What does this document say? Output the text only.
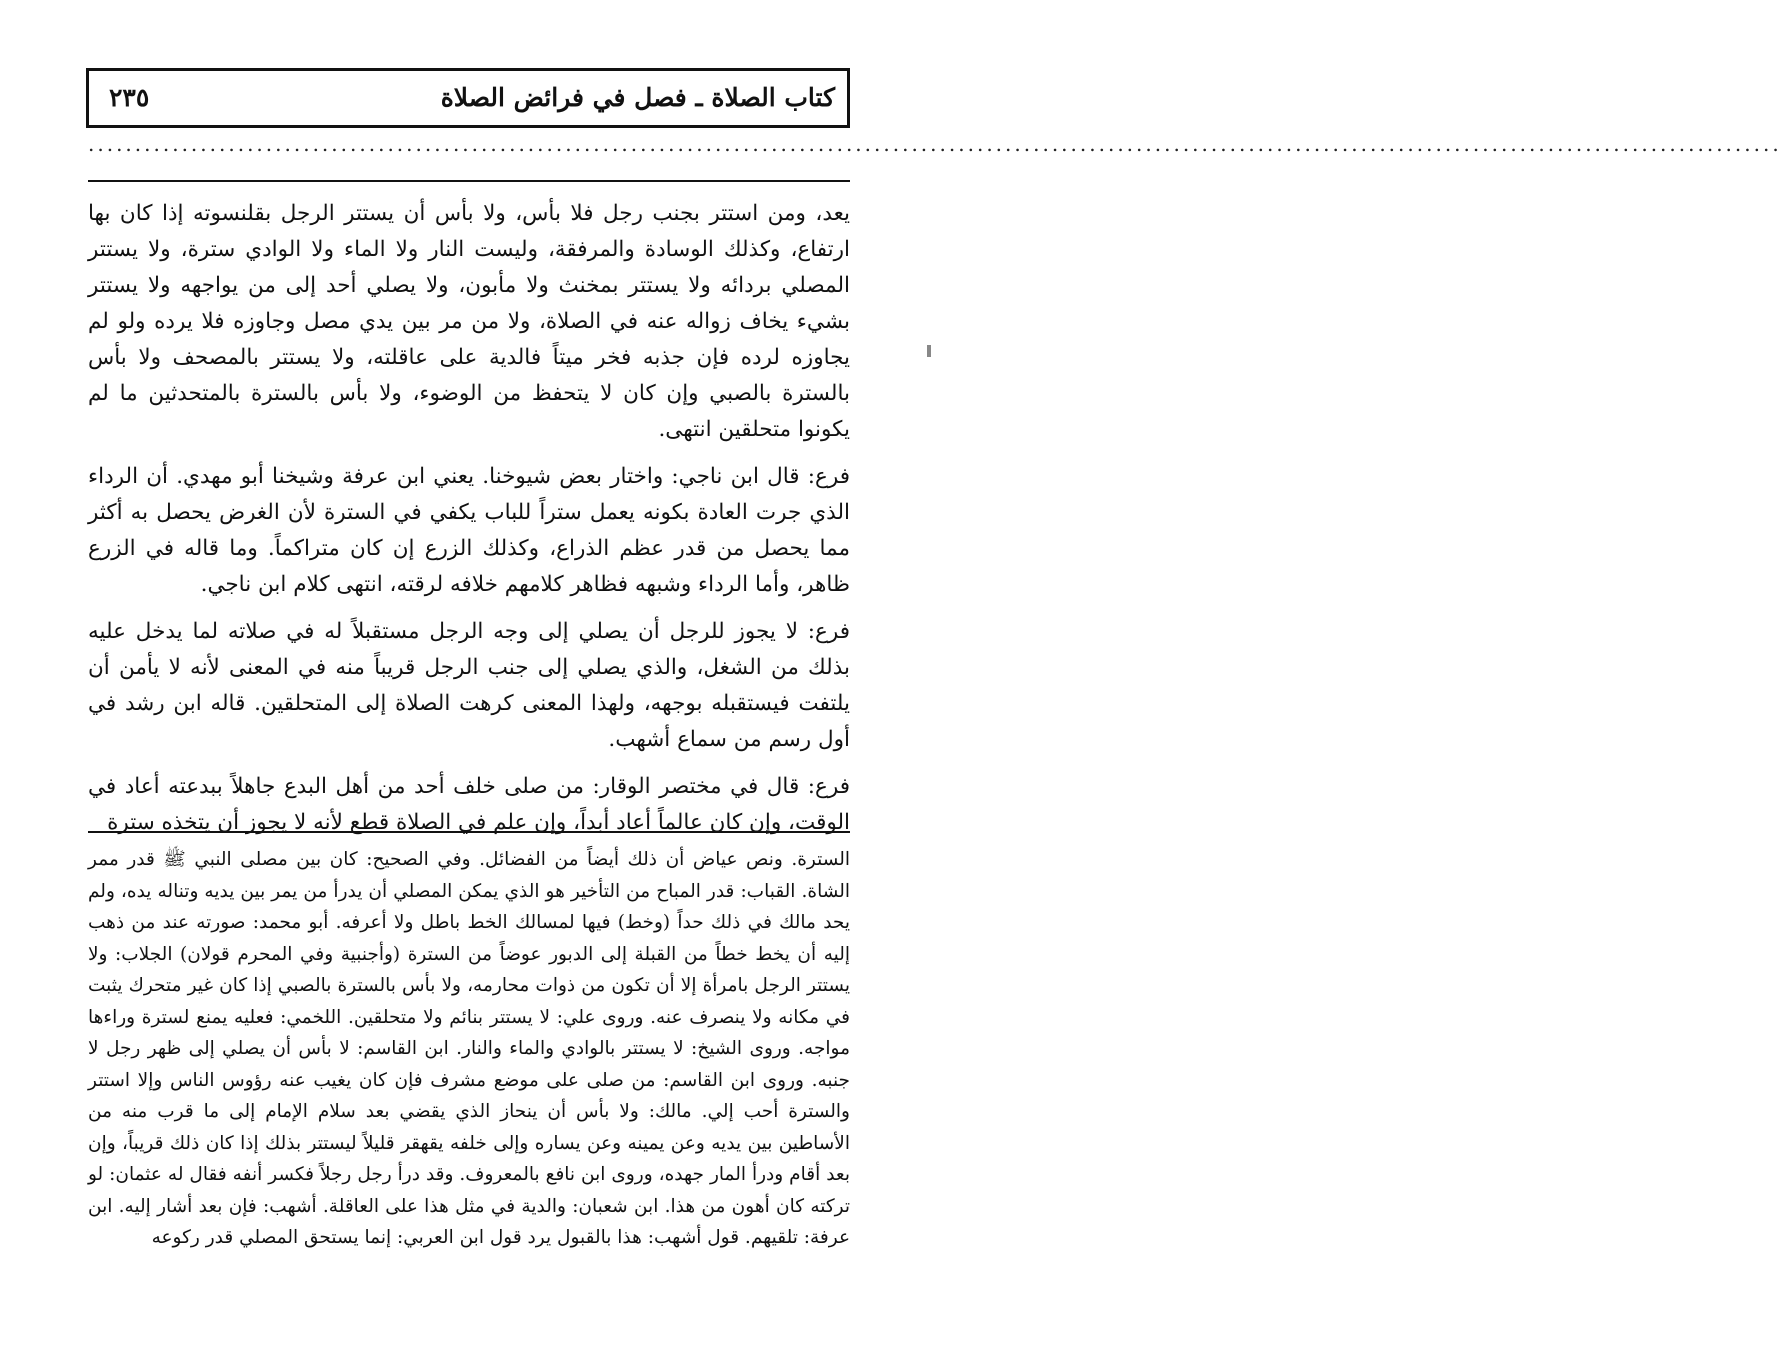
كتاب الصلاة ـ فصل في فرائض الصلاة
٢٣٥
.....................................................................................................................................................................................

يعد، ومن استتر بجنب رجل فلا بأس، ولا بأس أن يستتر الرجل بقلنسوته إذا كان بها ارتفاع، وكذلك الوسادة والمرفقة، وليست النار ولا الماء ولا الوادي سترة، ولا يستتر المصلي بردائه ولا يستتر بمخنث ولا مأبون، ولا يصلي أحد إلى من يواجهه ولا يستتر بشيء يخاف زواله عنه في الصلاة، ولا من مر بين يدي مصل وجاوزه فلا يرده ولو لم يجاوزه لرده فإن جذبه فخر ميتاً فالدية على عاقلته، ولا يستتر بالمصحف ولا بأس بالسترة بالصبي وإن كان لا يتحفظ من الوضوء، ولا بأس بالسترة بالمتحدثين ما لم يكونوا متحلقين انتهى.

فرع: قال ابن ناجي: واختار بعض شيوخنا. يعني ابن عرفة وشيخنا أبو مهدي. أن الرداء الذي جرت العادة بكونه يعمل ستراً للباب يكفي في السترة لأن الغرض يحصل به أكثر مما يحصل من قدر عظم الذراع، وكذلك الزرع إن كان متراكماً. وما قاله في الزرع ظاهر، وأما الرداء وشبهه فظاهر كلامهم خلافه لرقته، انتهى كلام ابن ناجي.

فرع: لا يجوز للرجل أن يصلي إلى وجه الرجل مستقبلاً له في صلاته لما يدخل عليه بذلك من الشغل، والذي يصلي إلى جنب الرجل قريباً منه في المعنى لأنه لا يأمن أن يلتفت فيستقبله بوجهه، ولهذا المعنى كرهت الصلاة إلى المتحلقين. قاله ابن رشد في أول رسم من سماع أشهب.

فرع: قال في مختصر الوقار: من صلى خلف أحد من أهل البدع جاهلاً ببدعته أعاد في الوقت، وإن كان عالماً أعاد أبداً، وإن علم في الصلاة قطع لأنه لا يجوز أن يتخذه سترة

السترة. ونص عياض أن ذلك أيضاً من الفضائل. وفي الصحيح: كان بين مصلى النبي ﷺ قدر ممر الشاة. القباب: قدر المباح من التأخير هو الذي يمكن المصلي أن يدرأ من يمر بين يديه وتناله يده، ولم يحد مالك في ذلك حداً (وخط) فيها لمسالك الخط باطل ولا أعرفه. أبو محمد: صورته عند من ذهب إليه أن يخط خطاً من القبلة إلى الدبور عوضاً من السترة (وأجنبية وفي المحرم قولان) الجلاب: ولا يستتر الرجل بامرأة إلا أن تكون من ذوات محارمه، ولا بأس بالسترة بالصبي إذا كان غير متحرك يثبت في مكانه ولا ينصرف عنه. وروى علي: لا يستتر بنائم ولا متحلقين. اللخمي: فعليه يمنع لسترة وراءها مواجه. وروى الشيخ: لا يستتر بالوادي والماء والنار. ابن القاسم: لا بأس أن يصلي إلى ظهر رجل لا جنبه. وروى ابن القاسم: من صلى على موضع مشرف فإن كان يغيب عنه رؤوس الناس وإلا استتر والسترة أحب إلي. مالك: ولا بأس أن ينحاز الذي يقضي بعد سلام الإمام إلى ما قرب منه من الأساطين بين يديه وعن يمينه وعن يساره وإلى خلفه يقهقر قليلاً ليستتر بذلك إذا كان ذلك قريباً، وإن بعد أقام ودرأ المار جهده، وروى ابن نافع بالمعروف. وقد درأ رجل رجلاً فكسر أنفه فقال له عثمان: لو تركته كان أهون من هذا. ابن شعبان: والدية في مثل هذا على العاقلة. أشهب: فإن بعد أشار إليه. ابن عرفة: تلقيهم. قول أشهب: هذا بالقبول يرد قول ابن العربي: إنما يستحق المصلي قدر ركوعه
